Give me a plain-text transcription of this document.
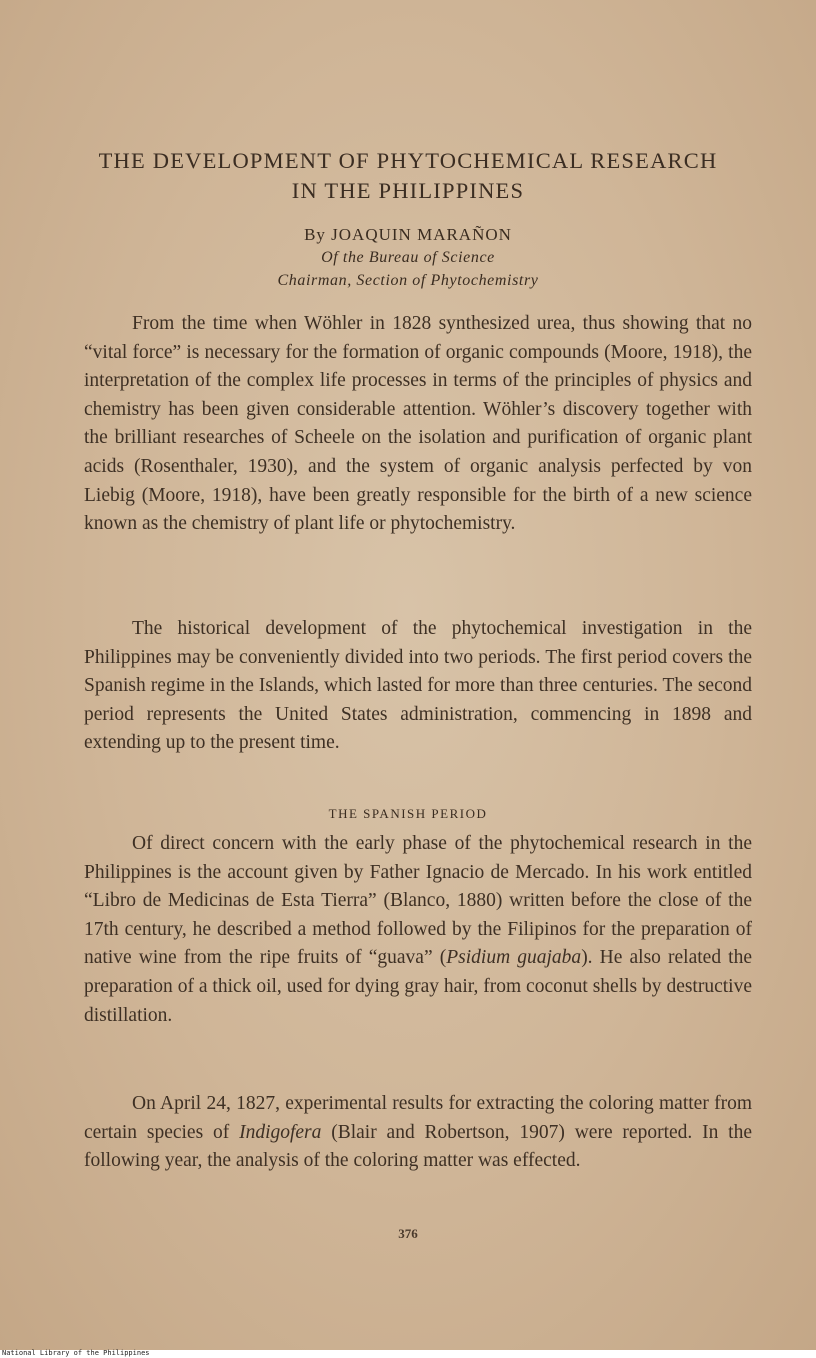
THE DEVELOPMENT OF PHYTOCHEMICAL RESEARCH
IN THE PHILIPPINES
By JOAQUIN MARAÑON
Of the Bureau of Science
Chairman, Section of Phytochemistry

From the time when Wöhler in 1828 synthesized urea, thus showing that no “vital force” is necessary for the formation of organic compounds (Moore, 1918), the interpretation of the complex life processes in terms of the principles of physics and chemistry has been given considerable attention. Wöhler’s discovery together with the brilliant researches of Scheele on the isolation and purification of organic plant acids (Rosenthaler, 1930), and the system of organic analysis perfected by von Liebig (Moore, 1918), have been greatly responsible for the birth of a new science known as the chemistry of plant life or phytochemistry.

The historical development of the phytochemical investigation in the Philippines may be conveniently divided into two periods. The first period covers the Spanish regime in the Islands, which lasted for more than three centuries. The second period represents the United States administration, commencing in 1898 and extending up to the present time.

THE SPANISH PERIOD

Of direct concern with the early phase of the phytochemical research in the Philippines is the account given by Father Ignacio de Mercado. In his work entitled “Libro de Medicinas de Esta Tierra” (Blanco, 1880) written before the close of the 17th century, he described a method followed by the Filipinos for the preparation of native wine from the ripe fruits of “guava” (Psidium guajaba). He also related the preparation of a thick oil, used for dying gray hair, from coconut shells by destructive distillation.

On April 24, 1827, experimental results for extracting the coloring matter from certain species of Indigofera (Blair and Robertson, 1907) were reported. In the following year, the analysis of the coloring matter was effected.

376
National Library of the Philippines
